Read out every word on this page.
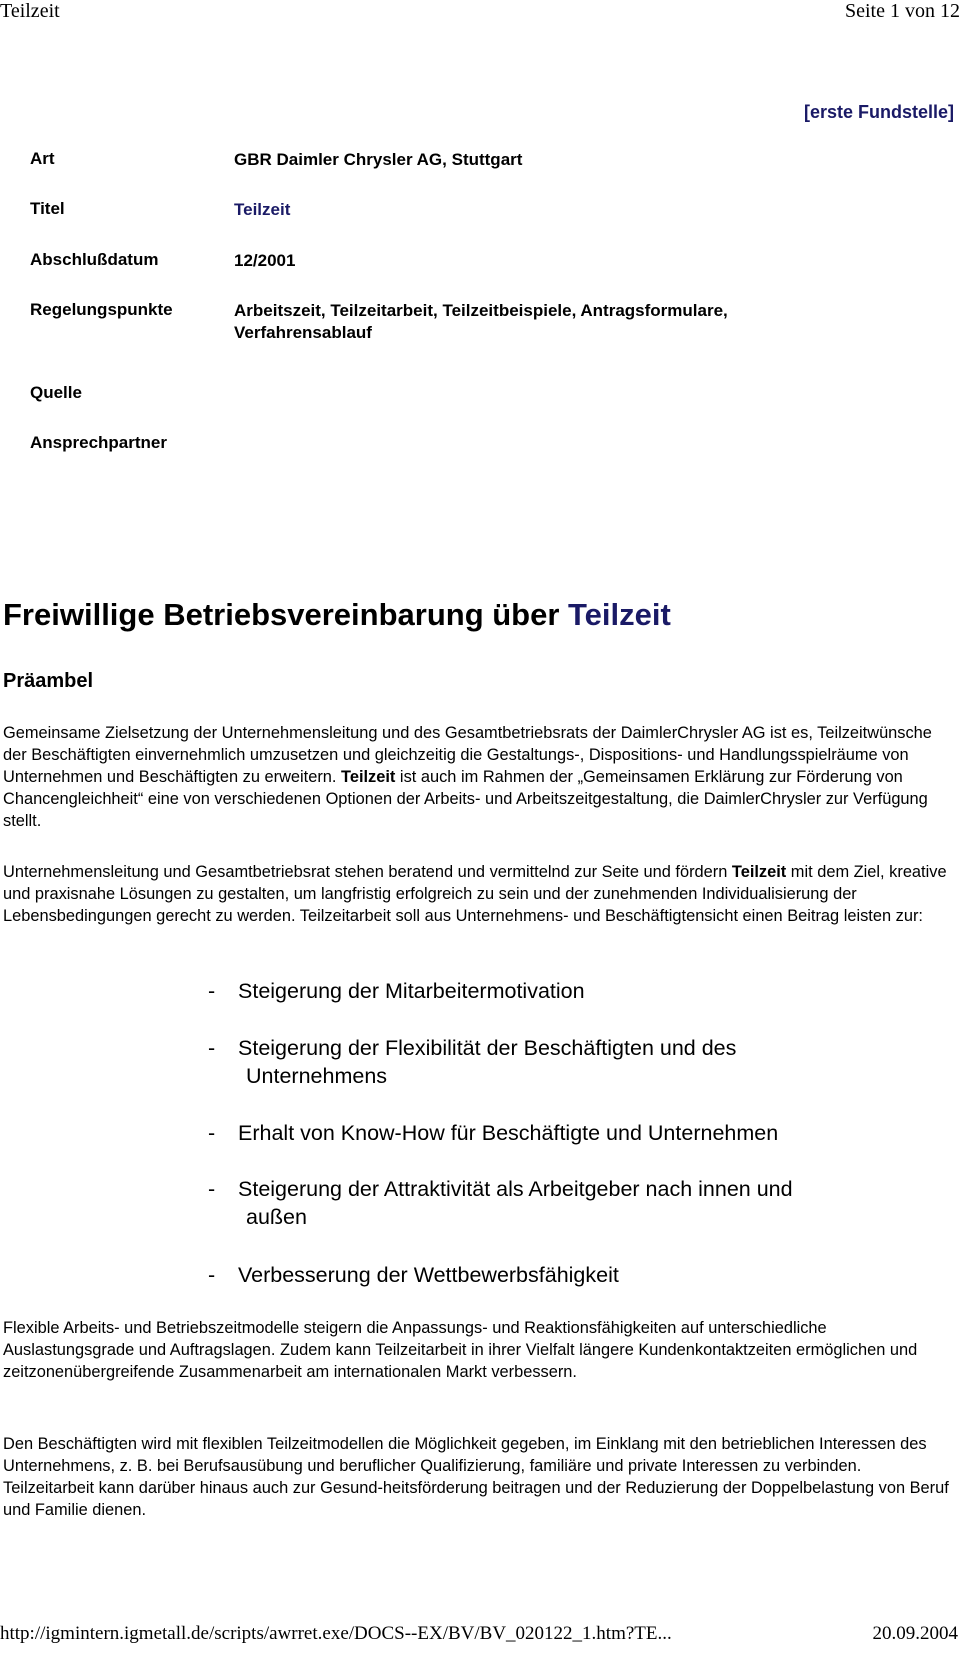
Teilzeit	Seite 1 von 12
[erste Fundstelle]
Art	GBR Daimler Chrysler AG, Stuttgart
Titel	Teilzeit
Abschlußdatum	12/2001
Regelungspunkte	Arbeitszeit, Teilzeitarbeit, Teilzeitbeispiele, Antragsformulare,
Verfahrensablauf
Quelle
Ansprechpartner
Freiwillige Betriebsvereinbarung über Teilzeit
Präambel

Gemeinsame Zielsetzung der Unternehmensleitung und des Gesamtbetriebsrats der DaimlerChrysler AG ist es, Teilzeitwünsche der Beschäftigten einvernehmlich umzusetzen und gleichzeitig die Gestaltungs-, Dispositions- und Handlungsspielräume von Unternehmen und Beschäftigten zu erweitern. Teilzeit ist auch im Rahmen der „Gemeinsamen Erklärung zur Förderung von Chancengleichheit“ eine von verschiedenen Optionen der Arbeits- und Arbeitszeitgestaltung, die DaimlerChrysler zur Verfügung stellt.

Unternehmensleitung und Gesamtbetriebsrat stehen beratend und vermittelnd zur Seite und fördern Teilzeit mit dem Ziel, kreative und praxisnahe Lösungen zu gestalten, um langfristig erfolgreich zu sein und der zunehmenden Individualisierung der Lebensbedingungen gerecht zu werden. Teilzeitarbeit soll aus Unternehmens- und Beschäftigtensicht einen Beitrag leisten zur:

- Steigerung der Mitarbeitermotivation
- Steigerung der Flexibilität der Beschäftigten und des
Unternehmens
- Erhalt von Know-How für Beschäftigte und Unternehmen
- Steigerung der Attraktivität als Arbeitgeber nach innen und
außen
- Verbesserung der Wettbewerbsfähigkeit

Flexible Arbeits- und Betriebszeitmodelle steigern die Anpassungs- und Reaktionsfähigkeiten auf unterschiedliche Auslastungsgrade und Auftragslagen. Zudem kann Teilzeitarbeit in ihrer Vielfalt längere Kundenkontaktzeiten ermöglichen und zeitzonenübergreifende Zusammenarbeit am internationalen Markt verbessern.

Den Beschäftigten wird mit flexiblen Teilzeitmodellen die Möglichkeit gegeben, im Einklang mit den betrieblichen Interessen des Unternehmens, z. B. bei Berufsausübung und beruflicher Qualifizierung, familiäre und private Interessen zu verbinden. Teilzeitarbeit kann darüber hinaus auch zur Gesund-heitsförderung beitragen und der Reduzierung der Doppelbelastung von Beruf und Familie dienen.

http://igmintern.igmetall.de/scripts/awrret.exe/DOCS--EX/BV/BV_020122_1.htm?TE...	20.09.2004
